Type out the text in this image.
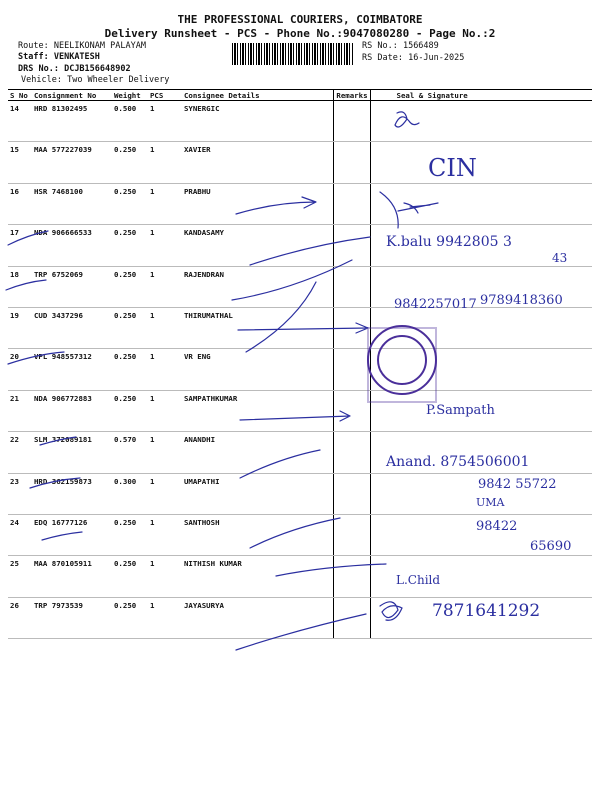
THE PROFESSIONAL COURIERS, COIMBATORE
Delivery Runsheet - PCS - Phone No.:9047080280 - Page No.:2
Route: NEELIKONAM PALAYAM
Staff: VENKATESH
DRS No.: DCJB156648902
Vehicle: Two Wheeler Delivery
RS No.: 1566489
RS Date: 16-Jun-2025
S No	Consignment No	Weight	PCS	Consignee Details	Remarks	Seal & Signature
14	HRD 81302495	0.500	1	SYNERGIC		
15	MAA 577227039	0.250	1	XAVIER		
16	HSR 7468100	0.250	1	PRABHU		
17	NDA 906666533	0.250	1	KANDASAMY		
18	TRP 6752069	0.250	1	RAJENDRAN		
19	CUD 3437296	0.250	1	THIRUMATHAL		
20	VPL 948557312	0.250	1	VR ENG		
21	NDA 906772883	0.250	1	SAMPATHKUMAR		
22	SLM 372089181	0.570	1	ANANDHI		
23	HRD 362159873	0.300	1	UMAPATHI		
24	EDQ 16777126	0.250	1	SANTHOSH		
25	MAA 870105911	0.250	1	NITHISH KUMAR		
26	TRP 7973539	0.250	1	JAYASURYA		
CIN
K.balu 9942805 3
43
9842257017 9789418360
P.Sampath
Anand. 8754506001
9842 55722
UMA
98422
65690
L.Child
7871641292
